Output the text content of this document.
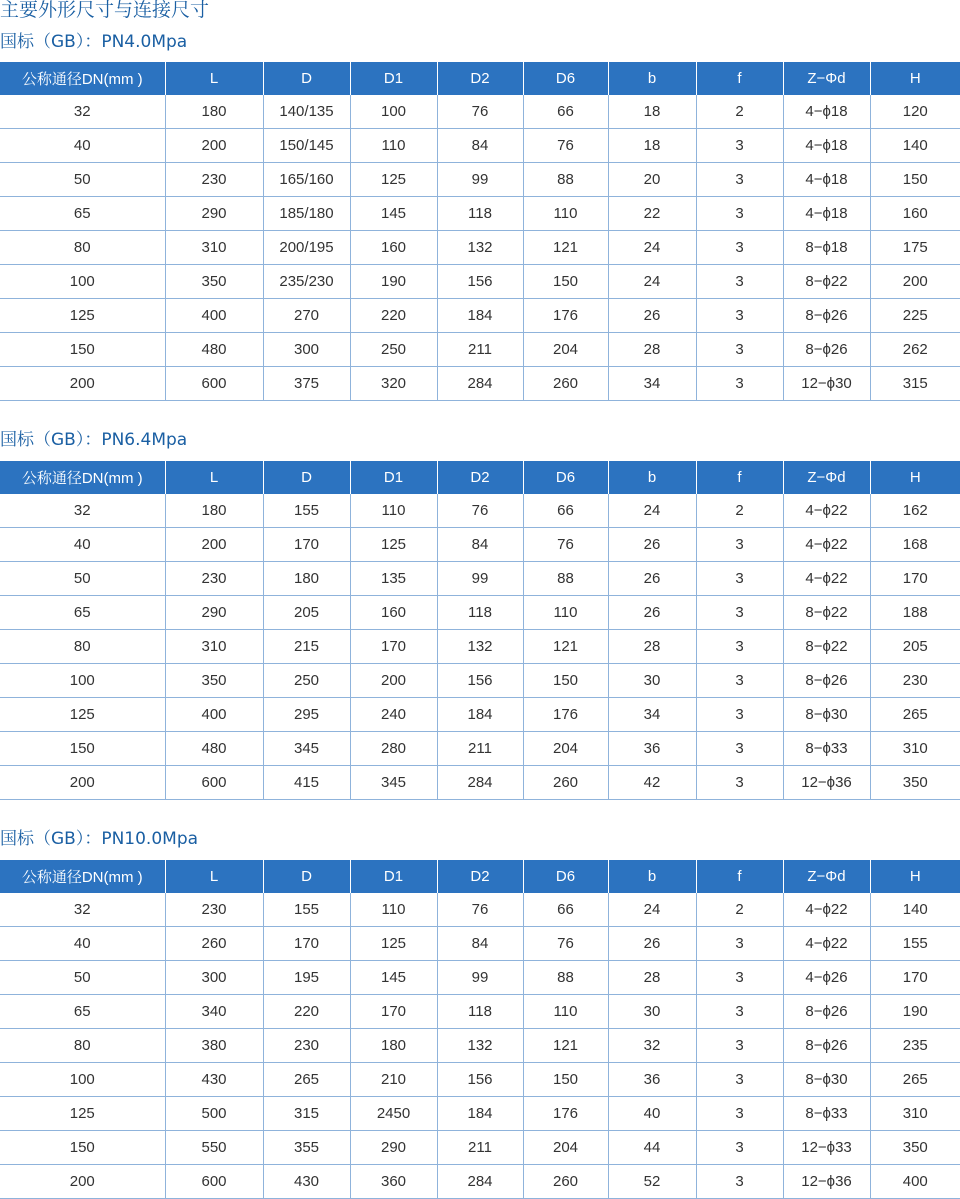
主要外形尺寸与连接尺寸
国标（GB）：PN4.0Mpa
公称通径DN(mm )	L	D	D1	D2	D6	b	f	Z−Φd	H
32	180	140/135	100	76	66	18	2	4−ϕ18	120
40	200	150/145	110	84	76	18	3	4−ϕ18	140
50	230	165/160	125	99	88	20	3	4−ϕ18	150
65	290	185/180	145	118	110	22	3	4−ϕ18	160
80	310	200/195	160	132	121	24	3	8−ϕ18	175
100	350	235/230	190	156	150	24	3	8−ϕ22	200
125	400	270	220	184	176	26	3	8−ϕ26	225
150	480	300	250	211	204	28	3	8−ϕ26	262
200	600	375	320	284	260	34	3	12−ϕ30	315
国标（GB）：PN6.4Mpa
公称通径DN(mm )	L	D	D1	D2	D6	b	f	Z−Φd	H
32	180	155	110	76	66	24	2	4−ϕ22	162
40	200	170	125	84	76	26	3	4−ϕ22	168
50	230	180	135	99	88	26	3	4−ϕ22	170
65	290	205	160	118	110	26	3	8−ϕ22	188
80	310	215	170	132	121	28	3	8−ϕ22	205
100	350	250	200	156	150	30	3	8−ϕ26	230
125	400	295	240	184	176	34	3	8−ϕ30	265
150	480	345	280	211	204	36	3	8−ϕ33	310
200	600	415	345	284	260	42	3	12−ϕ36	350
国标（GB）：PN10.0Mpa
公称通径DN(mm )	L	D	D1	D2	D6	b	f	Z−Φd	H
32	230	155	110	76	66	24	2	4−ϕ22	140
40	260	170	125	84	76	26	3	4−ϕ22	155
50	300	195	145	99	88	28	3	4−ϕ26	170
65	340	220	170	118	110	30	3	8−ϕ26	190
80	380	230	180	132	121	32	3	8−ϕ26	235
100	430	265	210	156	150	36	3	8−ϕ30	265
125	500	315	2450	184	176	40	3	8−ϕ33	310
150	550	355	290	211	204	44	3	12−ϕ33	350
200	600	430	360	284	260	52	3	12−ϕ36	400
